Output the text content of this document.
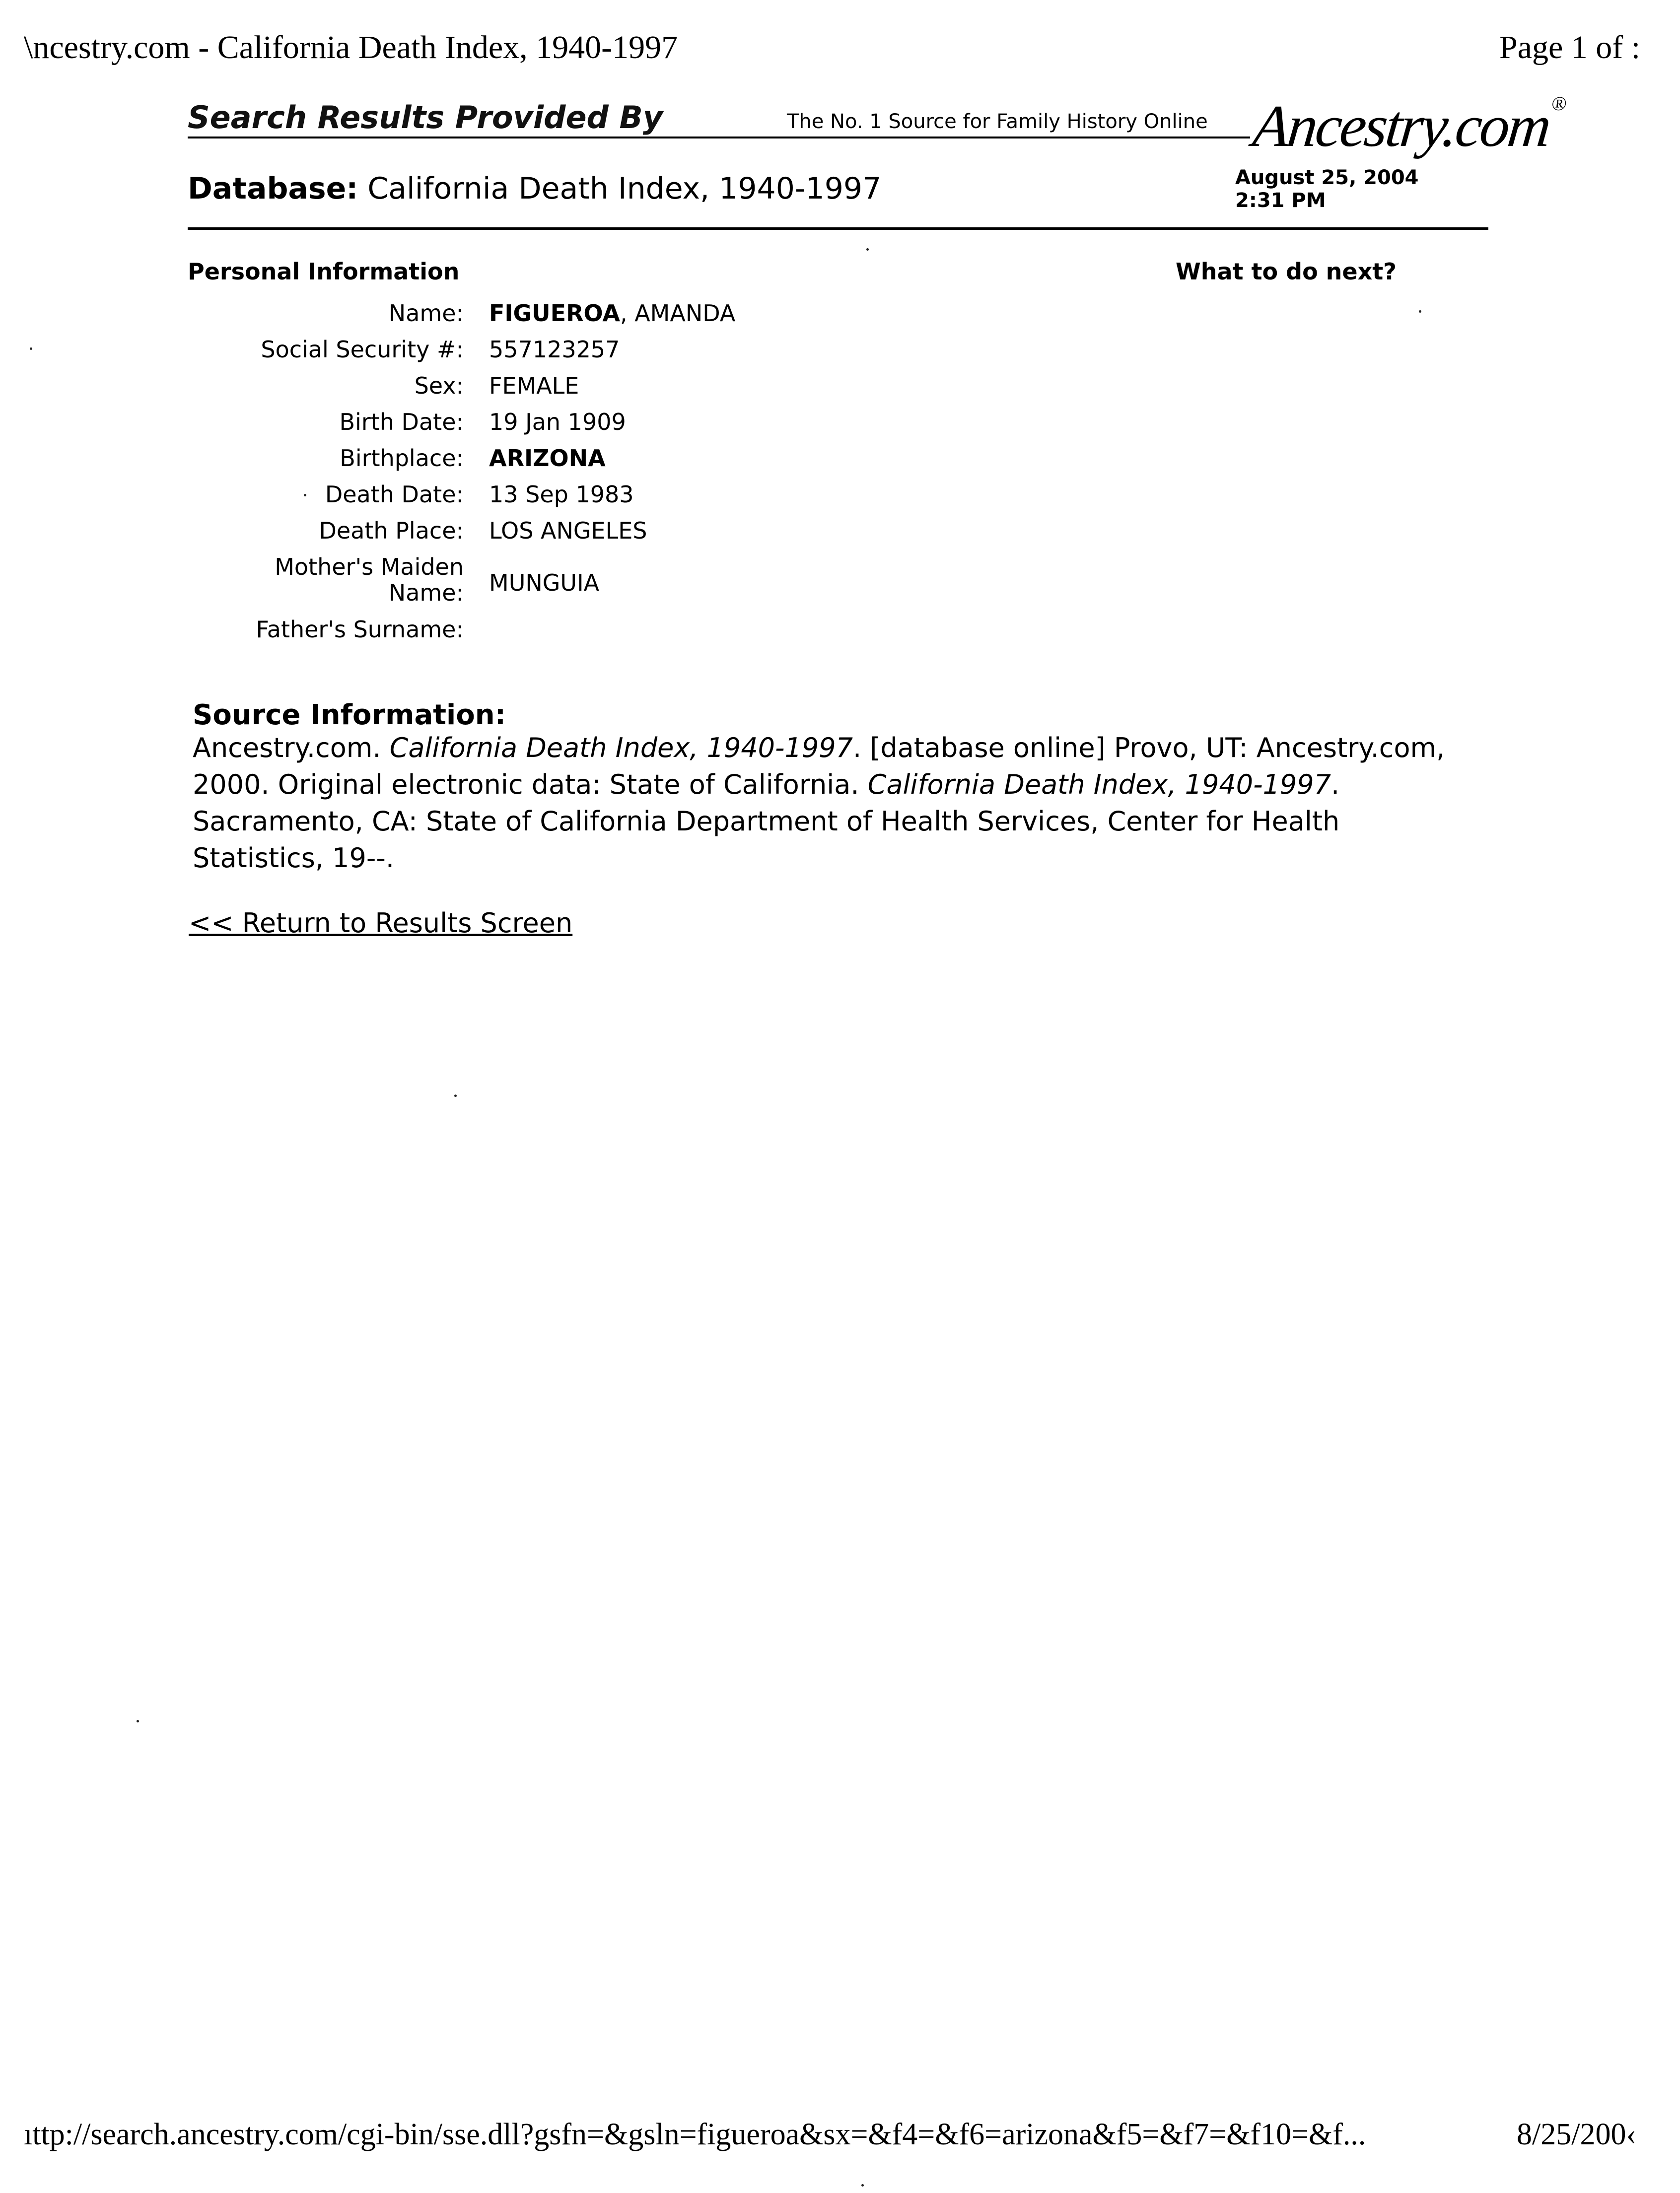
\ncestry.com - California Death Index, 1940-1997	Page 1 of :
Search Results Provided By	The No. 1 Source for Family History Online Ancestry.com®
Database: California Death Index, 1940-1997	August 25, 2004
2:31 PM
Personal Information	What to do next?
Name: FIGUEROA, AMANDA
Social Security #: 557123257
Sex: FEMALE
Birth Date: 19 Jan 1909
Birthplace: ARIZONA
Death Date: 13 Sep 1983
Death Place: LOS ANGELES
Mother's Maiden
Name: MUNGUIA
Father's Surname:
Source Information:
Ancestry.com. California Death Index, 1940-1997. [database online] Provo, UT: Ancestry.com, 2000. Original electronic data: State of California. California Death Index, 1940-1997. Sacramento, CA: State of California Department of Health Services, Center for Health Statistics, 19--.
<< Return to Results Screen
ıttp://search.ancestry.com/cgi-bin/sse.dll?gsfn=&gsln=figueroa&sx=&f4=&f6=arizona&f5=&f7=&f10=&f...	8/25/200‹
